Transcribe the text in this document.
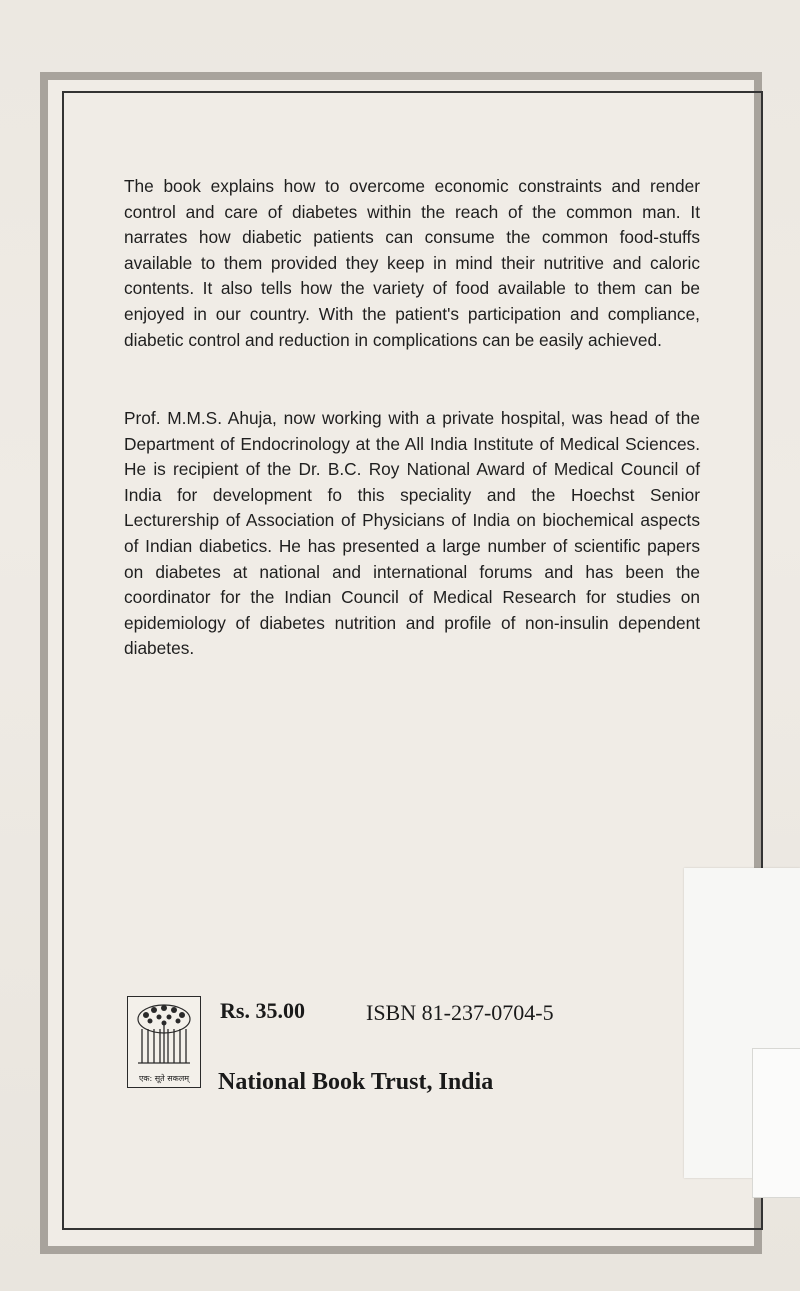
The book explains how to overcome economic constraints and render control and care of diabetes within the reach of the common man. It narrates how diabetic patients can consume the common food-stuffs available to them provided they keep in mind their nutritive and caloric contents. It also tells how the variety of food available to them can be enjoyed in our country. With the patient's participation and compliance, diabetic control and reduction in complications can be easily achieved.

Prof. M.M.S. Ahuja, now working with a private hospital, was head of the Department of Endocrinology at the All India Institute of Medical Sciences. He is recipient of the Dr. B.C. Roy National Award of Medical Council of India for development fo this speciality and the Hoechst Senior Lecturership of Association of Physicians of India on biochemical aspects of Indian diabetics. He has presented a large number of scientific papers on diabetes at national and international forums and has been the coordinator for the Indian Council of Medical Research for studies on epidemiology of diabetes nutrition and profile of non-insulin dependent diabetes.

एक: सूते सकलम्
Rs. 35.00	ISBN 81-237-0704-5
National Book Trust, India
